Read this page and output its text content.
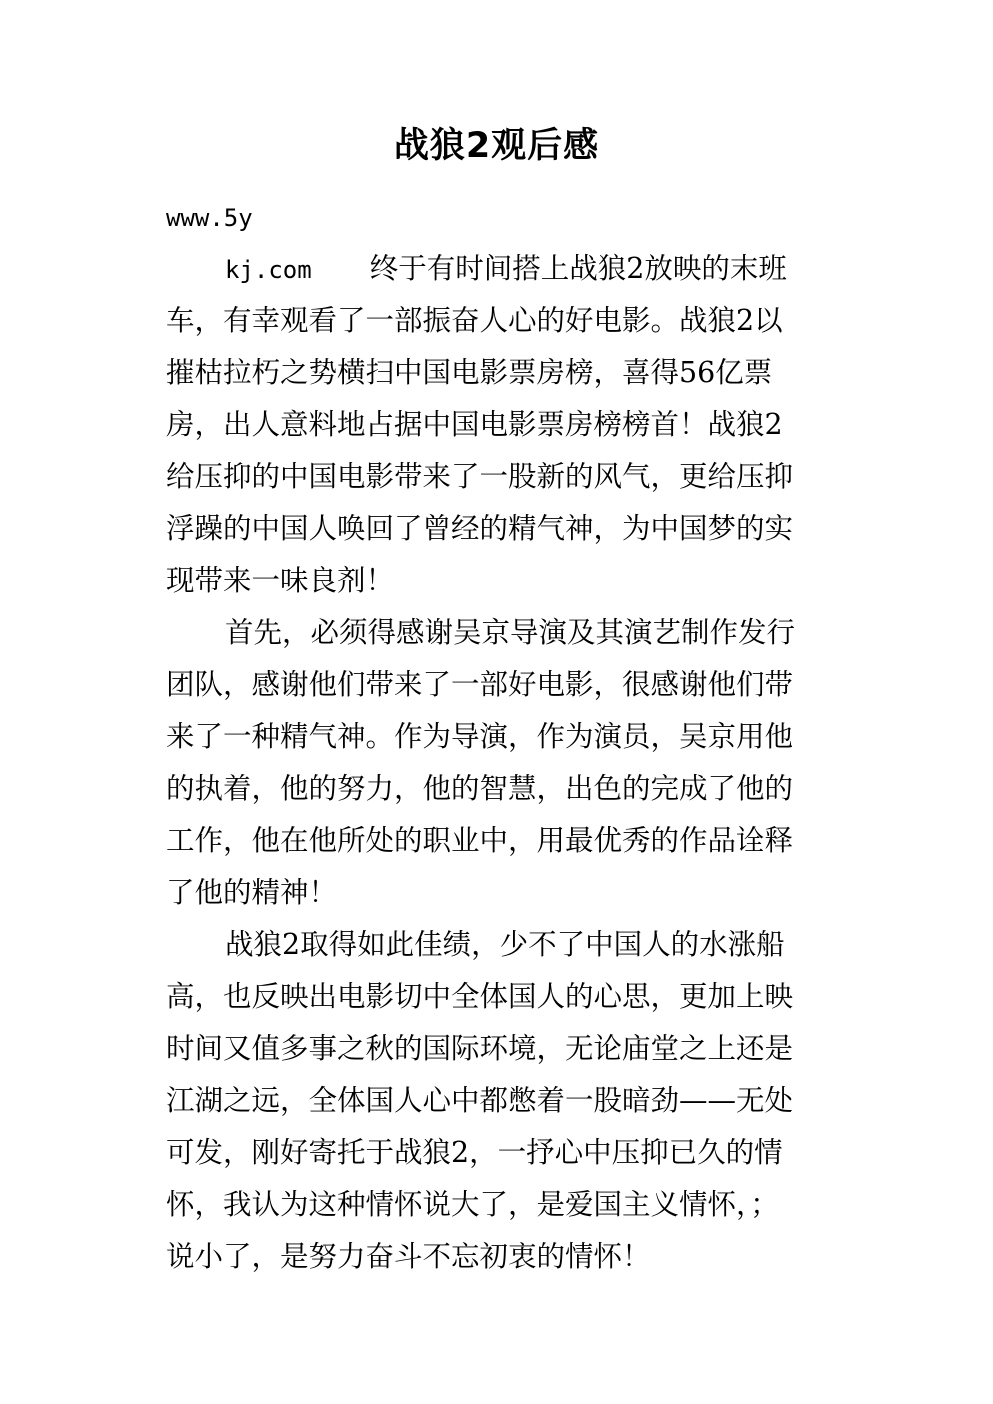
战狼2观后感
www.5y
kj.com 终于有时间搭上战狼2放映的末班
车，有幸观看了一部振奋人心的好电影。战狼2以
摧枯拉朽之势横扫中国电影票房榜，喜得56亿票
房，出人意料地占据中国电影票房榜榜首！战狼2
给压抑的中国电影带来了一股新的风气，更给压抑
浮躁的中国人唤回了曾经的精气神，为中国梦的实
现带来一味良剂！
首先，必须得感谢吴京导演及其演艺制作发行
团队，感谢他们带来了一部好电影，很感谢他们带
来了一种精气神。作为导演，作为演员，吴京用他
的执着，他的努力，他的智慧，出色的完成了他的
工作，他在他所处的职业中，用最优秀的作品诠释
了他的精神！
战狼2取得如此佳绩，少不了中国人的水涨船
高，也反映出电影切中全体国人的心思，更加上映
时间又值多事之秋的国际环境，无论庙堂之上还是
江湖之远，全体国人心中都憋着一股暗劲——无处
可发，刚好寄托于战狼2，一抒心中压抑已久的情
怀，我认为这种情怀说大了，是爱国主义情怀，；
说小了，是努力奋斗不忘初衷的情怀！
